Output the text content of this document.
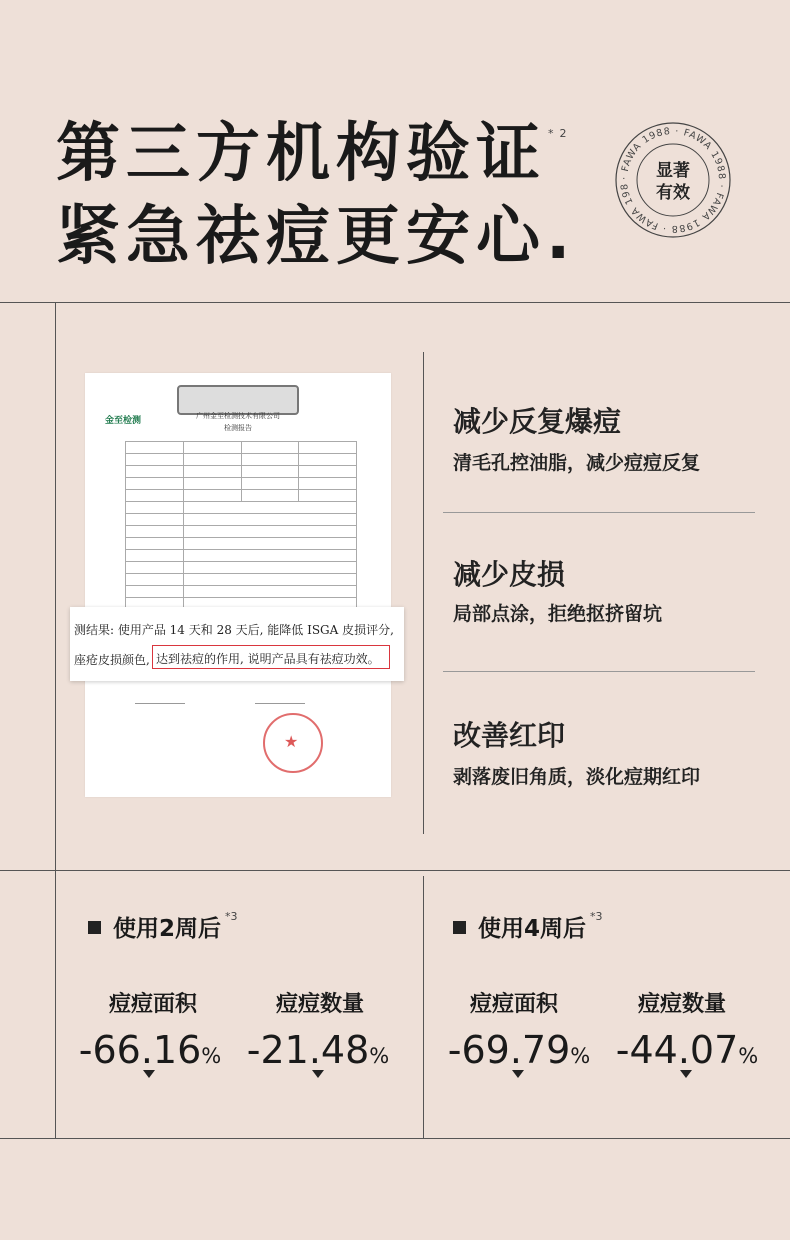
第三方机构验证 $^{*2}$
紧急祛痘更安心.
· FAWA 1988 · FAWA 1988 · FAWA 1988 · FAWA 198
显著
有效
金至检测	广州金至检测技术有限公司
检测报告

★
测结果: 使用产品 14 天和 28 天后, 能降低 ISGA 皮损评分,
座疮皮损颜色, 达到祛痘的作用, 说明产品具有祛痘功效。
减少反复爆痘
清毛孔控油脂，减少痘痘反复
减少皮损
局部点涂，拒绝抠挤留坑
改善红印
剥落废旧角质，淡化痘期红印
使用2周后 $^{*3}$
痘痘面积	痘痘数量
-66.16% -21.48%
使用4周后 $^{*3}$
痘痘面积	痘痘数量
-69.79% -44.07%
